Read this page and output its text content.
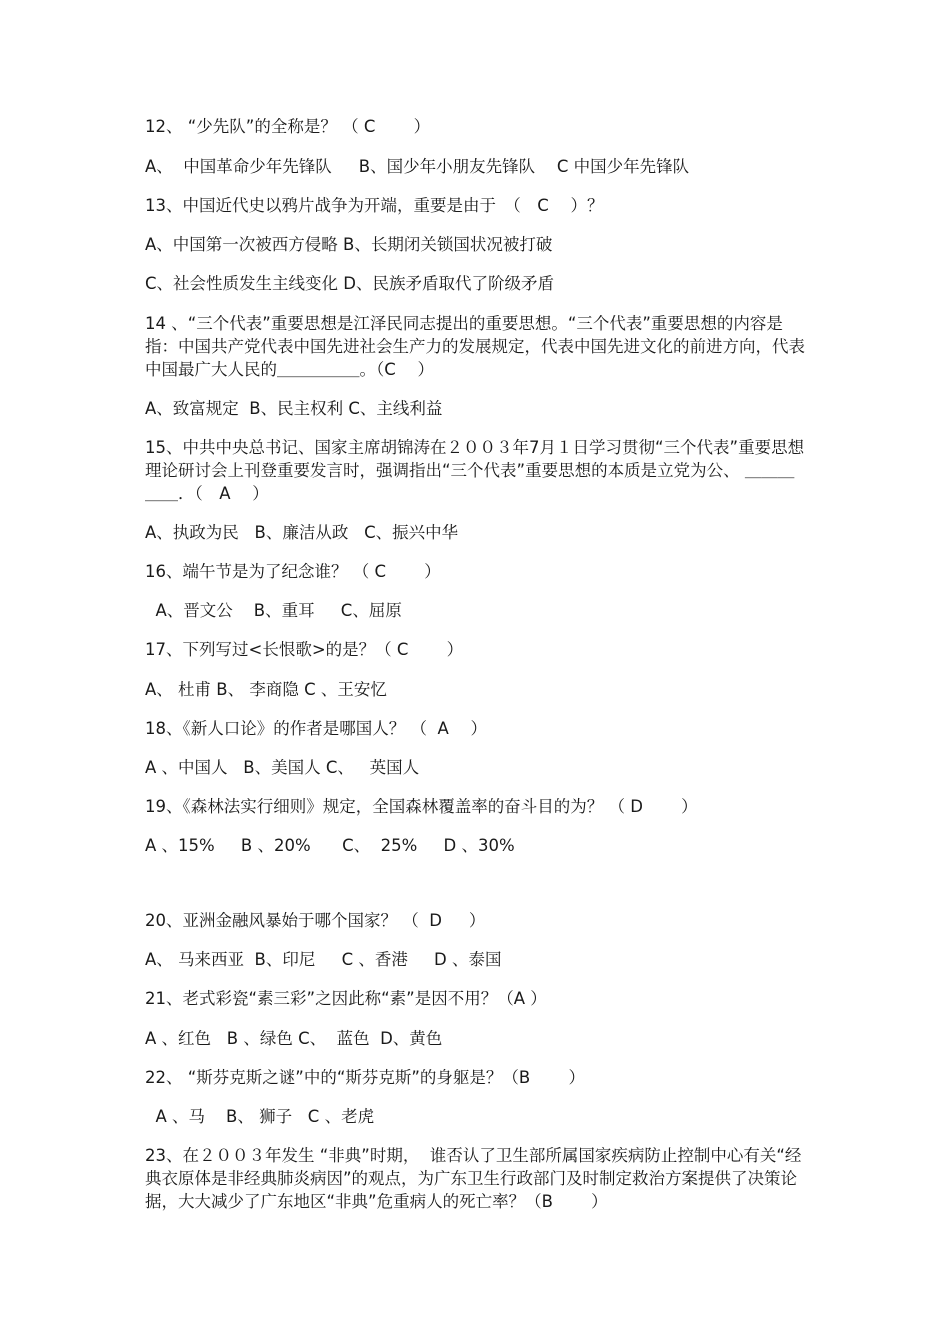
12、 “少先队”的全称是？ （ C　　 ）
A、  中国革命少年先锋队　  B、国少年小朋友先锋队　 C 中国少年先锋队
13、中国近代史以鸦片战争为开端，重要是由于　（　C　 ）？
A、中国第一次被西方侵略 B、长期闭关锁国状况被打破
C、社会性质发生主线变化 D、民族矛盾取代了阶级矛盾
14 、“三个代表”重要思想是江泽民同志提出的重要思想。“三个代表”重要思想的内容是指：中国共产党代表中国先进社会生产力的发展规定，代表中国先进文化的前进方向，代表中国最广大人民的＿＿＿＿＿。（C　 ）
A、致富规定  B、民主权利 C、主线利益
15、中共中央总书记、国家主席胡锦涛在２００３年7月１日学习贯彻“三个代表”重要思想理论研讨会上刊登重要发言时，强调指出“三个代表”重要思想的本质是立党为公、 ＿＿＿＿＿．（　A　 ）
A、执政为民   B、廉洁从政   C、振兴中华
16、端午节是为了纪念谁？ （ C　　 ）
A、晋文公    B、重耳     C、屈原
17、下列写过<长恨歌>的是？（ C　　 ）
A、 杜甫 B、 李商隐 C 、王安忆
18、《新人口论》的作者是哪国人？ （  A　 ）
A 、中国人   B、美国人 C、   英国人
19、《森林法实行细则》规定，全国森林覆盖率的奋斗目的为？ （ D　　 ）
A 、15%     B 、20%      C、  25%     D 、30%
20、亚洲金融风暴始于哪个国家？ （  D　  ）
A、 马来西亚  B、印尼     C 、香港     D 、泰国
21、老式彩瓷“素三彩”之因此称“素”是因不用？（A ）
A 、红色   B 、绿色 C、  蓝色  D、黄色
22、 “斯芬克斯之谜”中的“斯芬克斯”的身躯是？（B　　 ）
A 、马    B、 狮子   C 、老虎
23、在２００３年发生 “非典”时期，  谁否认了卫生部所属国家疾病防止控制中心有关“经典衣原体是非经典肺炎病因”的观点，为广东卫生行政部门及时制定救治方案提供了决策论据，大大减少了广东地区“非典”危重病人的死亡率？（B　　 ）
